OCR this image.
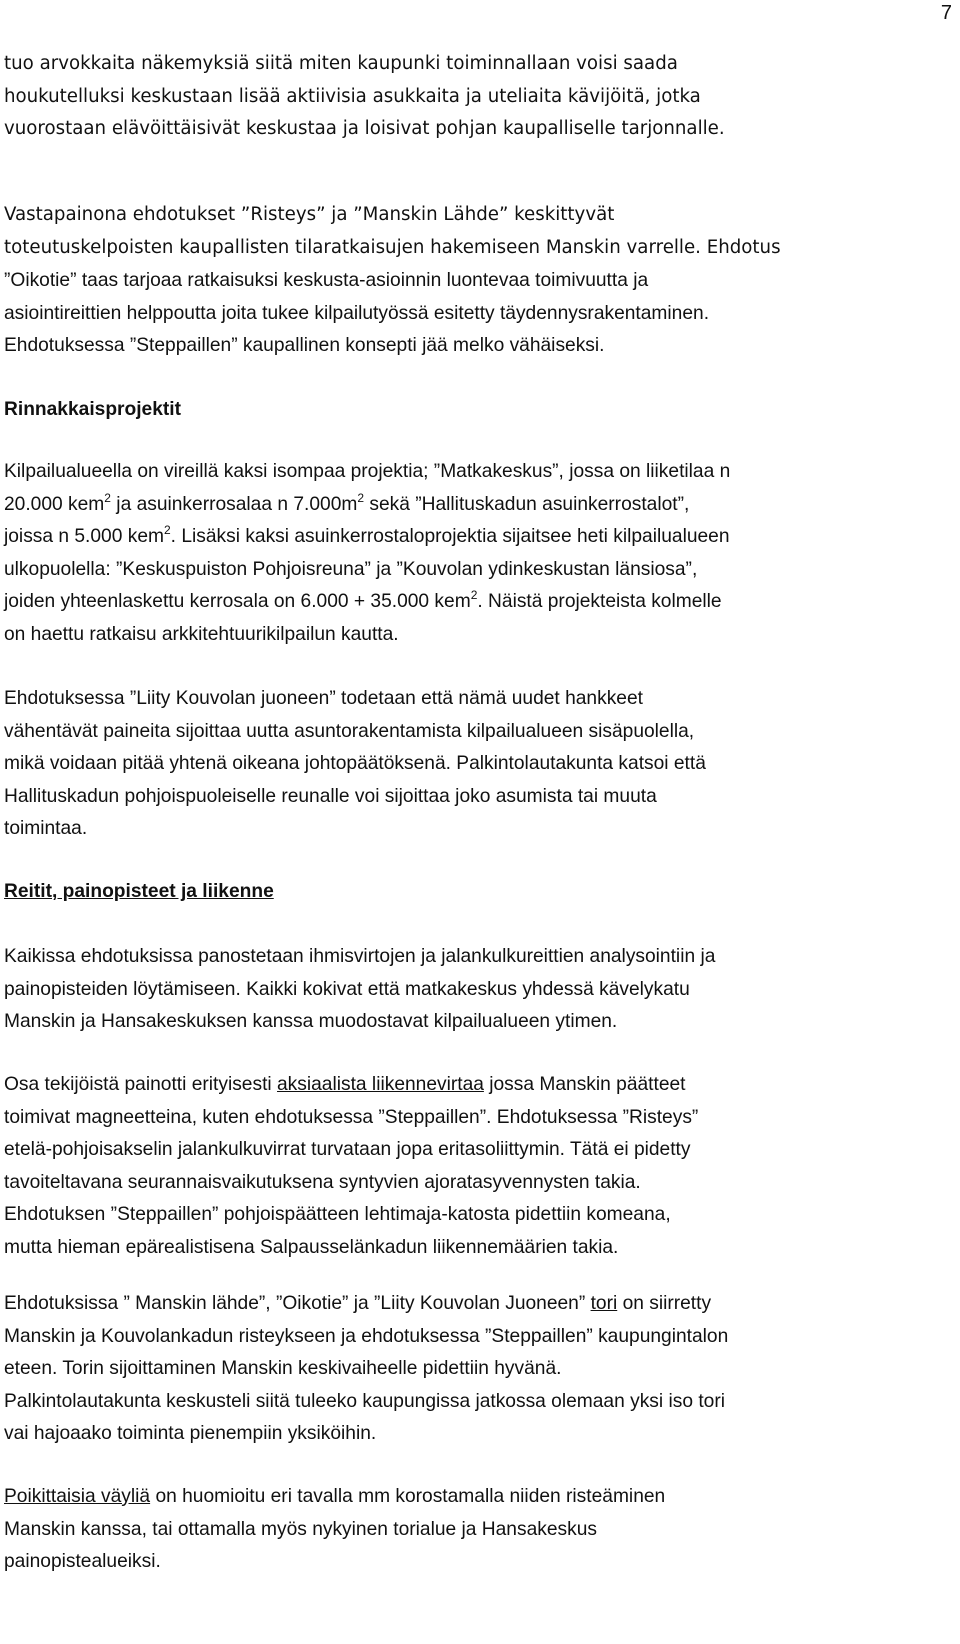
7
tuo arvokkaita näkemyksiä siitä miten kaupunki toiminnallaan voisi saada
houkutelluksi keskustaan lisää aktiivisia asukkaita ja uteliaita kävijöitä, jotka
vuorostaan elävöittäisivät keskustaa ja loisivat pohjan kaupalliselle tarjonnalle.
Vastapainona ehdotukset ”Risteys” ja ”Manskin Lähde” keskittyvät
toteutuskelpoisten kaupallisten tilaratkaisujen hakemiseen Manskin varrelle. Ehdotus
”Oikotie” taas tarjoaa ratkaisuksi keskusta-asioinnin luontevaa toimivuutta ja
asiointireittien helppoutta joita tukee kilpailutyössä esitetty täydennysrakentaminen.
Ehdotuksessa ”Steppaillen” kaupallinen konsepti jää melko vähäiseksi.
Rinnakkaisprojektit
Kilpailualueella on vireillä kaksi isompaa projektia; ”Matkakeskus”, jossa on liiketilaa n
20.000 kem$^2$ ja asuinkerrosalaa n $7.000m^2$ sekä ”Hallituskadun asuinkerrostalot”,
joissa n 5.000 kem$^2$. Lisäksi kaksi asuinkerrostaloprojektia sijaitsee heti kilpailualueen
ulkopuolella: ”Keskuspuiston Pohjoisreuna” ja ”Kouvolan ydinkeskustan länsiosa”,
joiden yhteenlaskettu kerrosala on 6.000 + 35.000 kem$^2$. Näistä projekteista kolmelle
on haettu ratkaisu arkkitehtuurikilpailun kautta.
Ehdotuksessa ”Liity Kouvolan juoneen” todetaan että nämä uudet hankkeet
vähentävät paineita sijoittaa uutta asuntorakentamista kilpailualueen sisäpuolella,
mikä voidaan pitää yhtenä oikeana johtopäätöksenä. Palkintolautakunta katsoi että
Hallituskadun pohjoispuoleiselle reunalle voi sijoittaa joko asumista tai muuta
toimintaa.
Reitit, painopisteet ja liikenne
Kaikissa ehdotuksissa panostetaan ihmisvirtojen ja jalankulkureittien analysointiin ja
painopisteiden löytämiseen. Kaikki kokivat että matkakeskus yhdessä kävelykatu
Manskin ja Hansakeskuksen kanssa muodostavat kilpailualueen ytimen.
Osa tekijöistä painotti erityisesti aksiaalista liikennevirtaa jossa Manskin päätteet
toimivat magneetteina, kuten ehdotuksessa ”Steppaillen”. Ehdotuksessa ”Risteys”
etelä-pohjoisakselin jalankulkuvirrat turvataan jopa eritasoliittymin. Tätä ei pidetty
tavoiteltavana seurannaisvaikutuksena syntyvien ajoratasyvennysten takia.
Ehdotuksen ”Steppaillen” pohjoispäätteen lehtimaja-katosta pidettiin komeana,
mutta hieman epärealistisena Salpausselänkadun liikennemäärien takia.
Ehdotuksissa ” Manskin lähde”, ”Oikotie” ja ”Liity Kouvolan Juoneen” tori on siirretty
Manskin ja Kouvolankadun risteykseen ja ehdotuksessa ”Steppaillen” kaupungintalon
eteen. Torin sijoittaminen Manskin keskivaiheelle pidettiin hyvänä.
Palkintolautakunta keskusteli siitä tuleeko kaupungissa jatkossa olemaan yksi iso tori
vai hajoaako toiminta pienempiin yksiköihin.
Poikittaisia väyliä on huomioitu eri tavalla mm korostamalla niiden risteäminen
Manskin kanssa, tai ottamalla myös nykyinen torialue ja Hansakeskus
painopistealueiksi.
